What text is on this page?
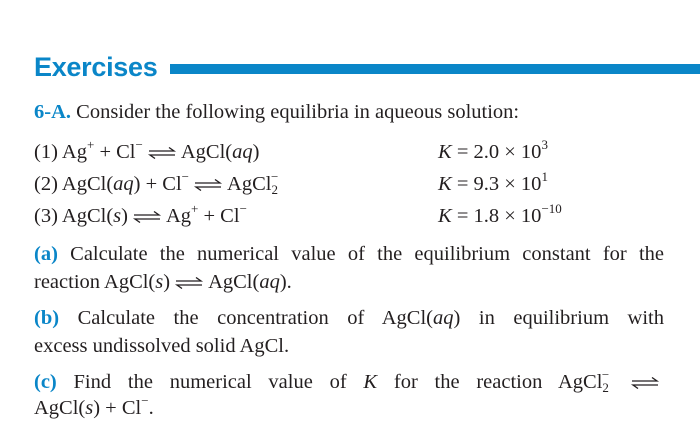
Exercises
6-A. Consider the following equilibria in aqueous solution:
(1) Ag+ + Cl− ⇌ AgCl(aq)	$K = 2.0 \times 10^3$
(2) AgCl(aq) + Cl− ⇌ AgCl$_2$−	$K = 9.3 \times 10^1$
(3) AgCl(s) ⇌ Ag+ + Cl−	$K = 1.8 \times 10^{-10}$
(a) Calculate the numerical value of the equilibrium constant for the
reaction AgCl(s) ⇌ AgCl(aq).
(b) Calculate the concentration of AgCl(aq) in equilibrium with
excess undissolved solid AgCl.
(c) Find the numerical value of K for the reaction AgCl$_2$−
AgCl(s) + Cl−.
